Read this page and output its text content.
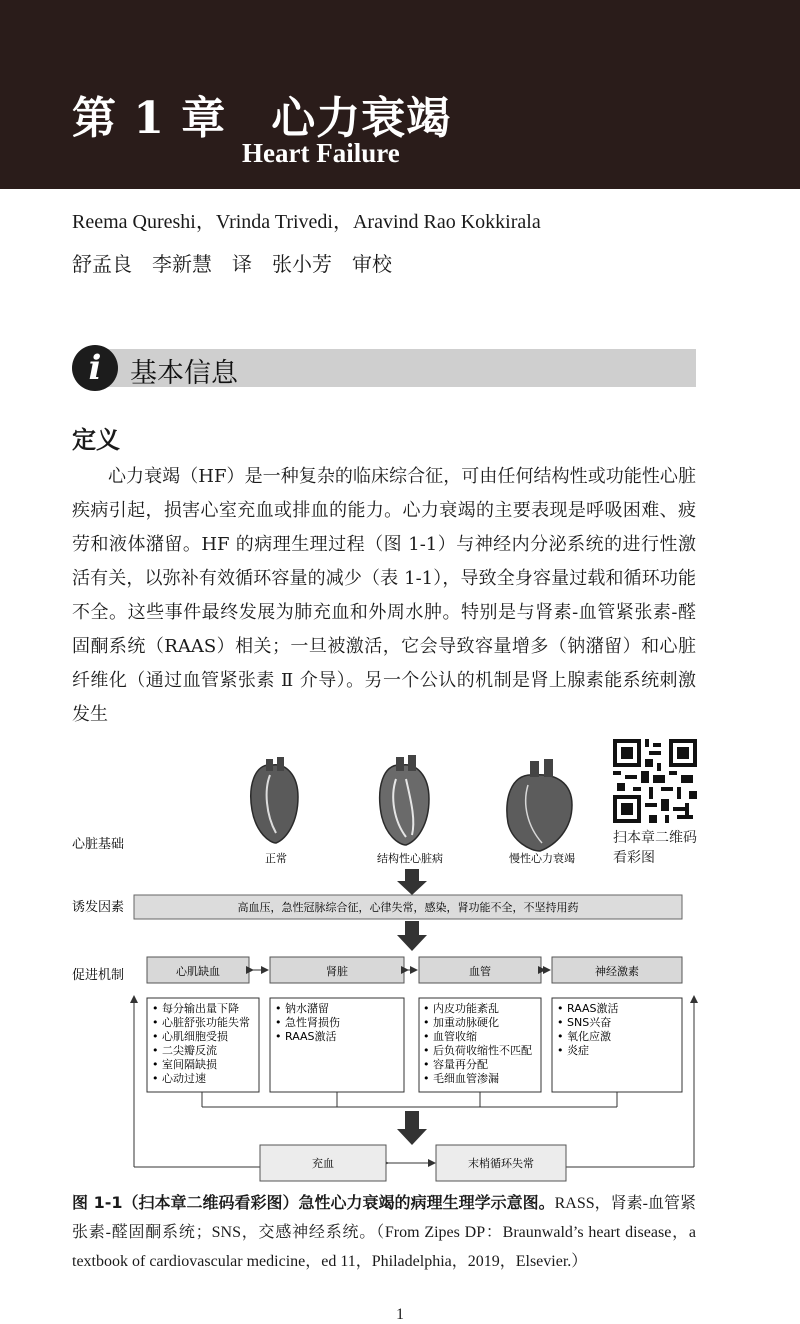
第 1 章　心力衰竭
Heart Failure
Reema Qureshi，Vrinda Trivedi，Aravind Rao Kokkirala
舒孟良　李新慧　译　张小芳　审校
i	基本信息
定义
心力衰竭（HF）是一种复杂的临床综合征，可由任何结构性或功能性心脏疾病引起，损害心室充血或排血的能力。心力衰竭的主要表现是呼吸困难、疲劳和液体潴留。HF 的病理生理过程（图 1-1）与神经内分泌系统的进行性激活有关，以弥补有效循环容量的减少（表 1-1），导致全身容量过载和循环功能不全。这些事件最终发展为肺充血和外周水肿。特别是与肾素-血管紧张素-醛固酮系统（RAAS）相关；一旦被激活，它会导致容量增多（钠潴留）和心脏纤维化（通过血管紧张素 Ⅱ 介导）。另一个公认的机制是肾上腺素能系统刺激发生
心脏基础
诱发因素
促进机制
正常	结构性心脏病	慢性心力衰竭
高血压，急性冠脉综合征，心律失常，感染，肾功能不全，不坚持用药
心肌缺血	肾脏	血管	神经激素
• 每分输出量下降
• 心脏舒张功能失常
• 心肌细胞受损
• 二尖瓣反流
• 室间隔缺损
• 心动过速
• 钠水潴留
• 急性肾损伤
• RAAS激活
• 内皮功能紊乱
• 加重动脉硬化
• 血管收缩
• 后负荷收缩性不匹配
• 容量再分配
• 毛细血管渗漏
• RAAS激活
• SNS兴奋
• 氧化应激
• 炎症
充血	末梢循环失常
扫本章二维码看彩图
图 1-1（扫本章二维码看彩图）急性心力衰竭的病理生理学示意图。RASS，肾素-血管紧张素-醛固酮系统；SNS，交感神经系统。（From Zipes DP：Braunwald’s heart disease，a textbook of cardiovascular medicine，ed 11，Philadelphia，2019，Elsevier.）
1
